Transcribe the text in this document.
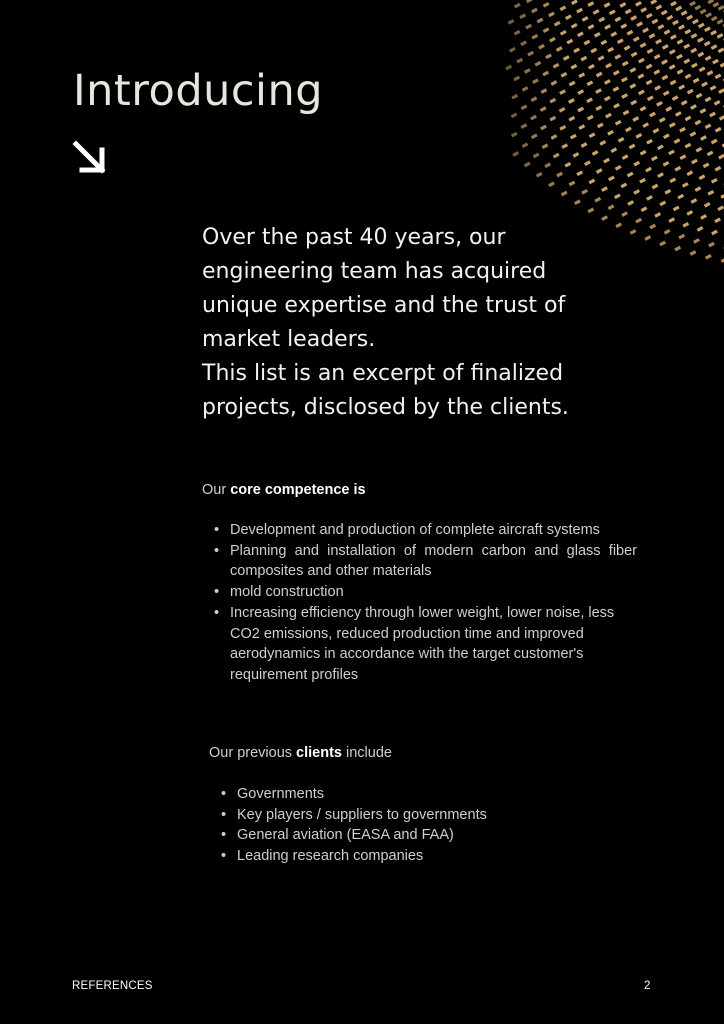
Introducing

Over the past 40 years, our

engineering team has acquired

unique expertise and the trust of

market leaders.

This list is an excerpt of finalized

projects, disclosed by the clients.

Our core competence is

• Development and production of complete aircraft systems
• Planning and installation of modern carbon and glass fiber composites and other materials
• mold construction
• Increasing efficiency through lower weight, lower noise, less CO2 emissions, reduced production time and improved aerodynamics in accordance with the target customer's requirement profiles

Our previous clients include

• Governments
• Key players / suppliers to governments
• General aviation (EASA and FAA)
• Leading research companies
REFERENCES	2
